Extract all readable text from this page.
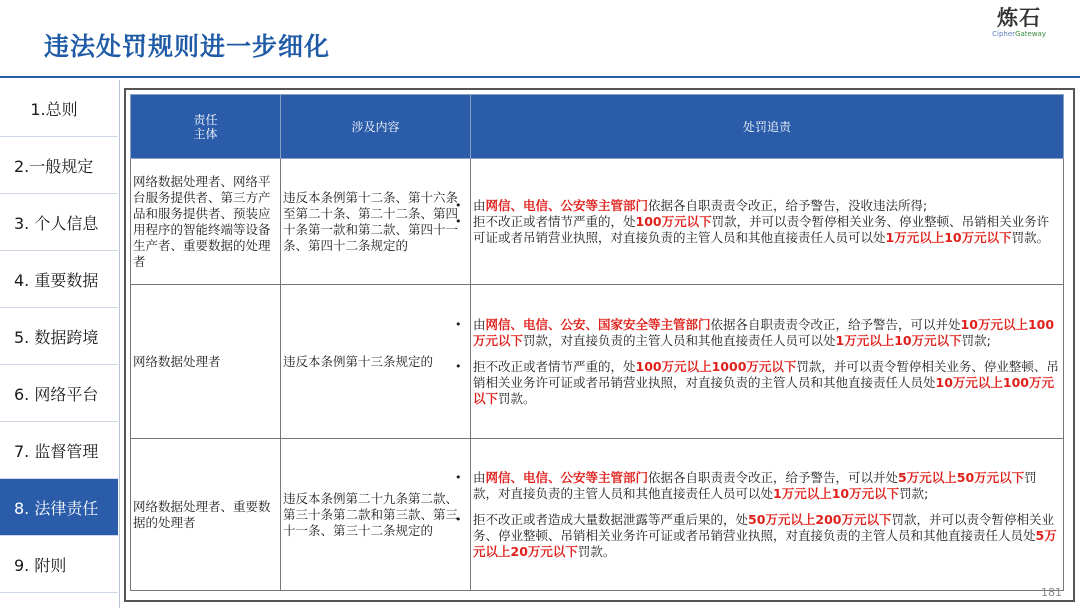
违法处罚规则进一步细化
炼石
CipherGateway
1.总则
2.一般规定
3. 个人信息
4. 重要数据
5. 数据跨境
6. 网络平台
7. 监督管理
8. 法律责任
9. 附则
责任
主体	涉及内容	处罚追责
网络数据处理者、网络平台服务提供者、第三方产品和服务提供者、预装应用程序的智能终端等设备生产者、重要数据的处理者	违反本条例第十二条、第十六条至第二十条、第二十二条、第四十条第一款和第二款、第四十一条、第四十二条规定的	• 由网信、电信、公安等主管部门依据各自职责责令改正，给予警告，没收违法所得;

• 拒不改正或者情节严重的，处100万元以下罚款，并可以责令暂停相关业务、停业整顿、吊销相关业务许可证或者吊销营业执照，对直接负责的主管人员和其他直接责任人员可以处1万元以上10万元以下罚款。

网络数据处理者	违反本条例第十三条规定的	• 由网信、电信、公安、国家安全等主管部门依据各自职责责令改正，给予警告，可以并处10万元以上100万元以下罚款，对直接负责的主管人员和其他直接责任人员可以处1万元以上10万元以下罚款;

• 拒不改正或者情节严重的，处100万元以上1000万元以下罚款，并可以责令暂停相关业务、停业整顿、吊销相关业务许可证或者吊销营业执照，对直接负责的主管人员和其他直接责任人员处10万元以上100万元以下罚款。

网络数据处理者、重要数据的处理者	违反本条例第二十九条第二款、第三十条第二款和第三款、第三十一条、第三十二条规定的	• 由网信、电信、公安等主管部门依据各自职责责令改正，给予警告，可以并处5万元以上50万元以下罚款，对直接负责的主管人员和其他直接责任人员可以处1万元以上10万元以下罚款;

• 拒不改正或者造成大量数据泄露等严重后果的，处50万元以上200万元以下罚款，并可以责令暂停相关业务、停业整顿、吊销相关业务许可证或者吊销营业执照，对直接负责的主管人员和其他直接责任人员处5万元以上20万元以下罚款。

181
